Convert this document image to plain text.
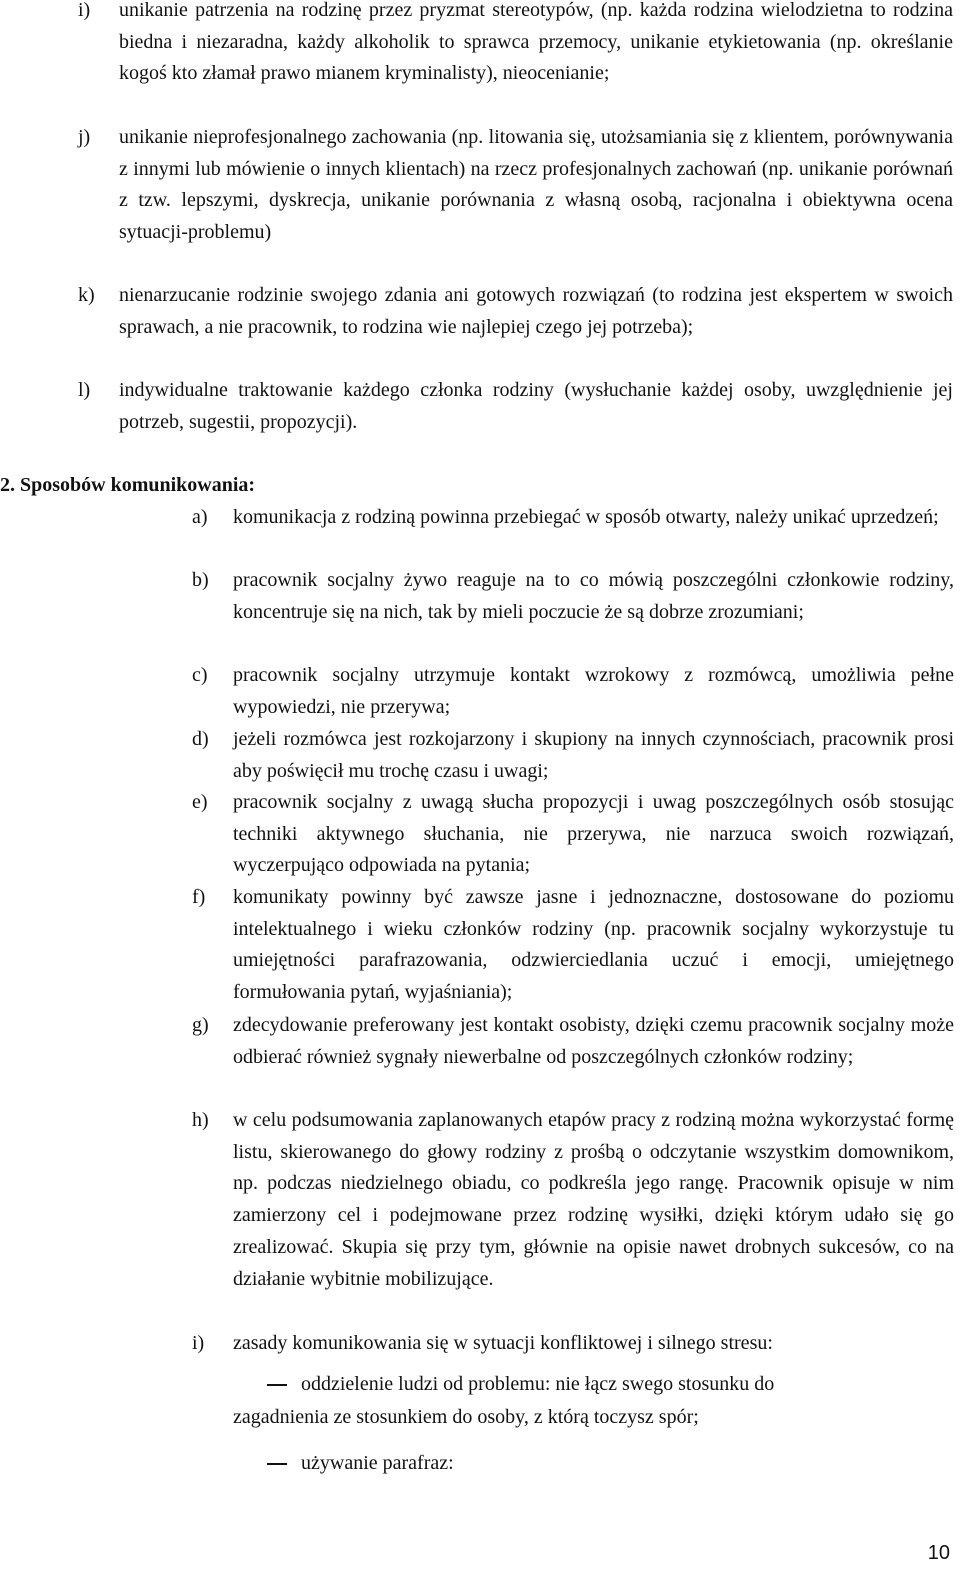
i) unikanie patrzenia na rodzinę przez pryzmat stereotypów, (np. każda rodzina wielodzietna to rodzina biedna i niezaradna, każdy alkoholik to sprawca przemocy, unikanie etykietowania (np. określanie kogoś kto złamał prawo mianem kryminalisty), nieocenianie;
j) unikanie nieprofesjonalnego zachowania (np. litowania się, utożsamiania się z klientem, porównywania z innymi lub mówienie o innych klientach) na rzecz profesjonalnych zachowań (np. unikanie porównań z tzw. lepszymi, dyskrecja, unikanie porównania z własną osobą, racjonalna i obiektywna ocena sytuacji-problemu)
k) nienarzucanie rodzinie swojego zdania ani gotowych rozwiązań (to rodzina jest ekspertem w swoich sprawach, a nie pracownik, to rodzina wie najlepiej czego jej potrzeba);
l) indywidualne traktowanie każdego członka rodziny (wysłuchanie każdej osoby, uwzględnienie jej potrzeb, sugestii, propozycji).
2. Sposobów komunikowania:
a) komunikacja z rodziną powinna przebiegać w sposób otwarty, należy unikać uprzedzeń;
b) pracownik socjalny żywo reaguje na to co mówią poszczególni członkowie rodziny, koncentruje się na nich, tak by mieli poczucie że są dobrze zrozumiani;
c) pracownik socjalny utrzymuje kontakt wzrokowy z rozmówcą, umożliwia pełne wypowiedzi, nie przerywa;
d) jeżeli rozmówca jest rozkojarzony i skupiony na innych czynnościach, pracownik prosi aby poświęcił mu trochę czasu i uwagi;
e) pracownik socjalny z uwagą słucha propozycji i uwag poszczególnych osób stosując techniki aktywnego słuchania, nie przerywa, nie narzuca swoich rozwiązań, wyczerpująco odpowiada na pytania;
f) komunikaty powinny być zawsze jasne i jednoznaczne, dostosowane do poziomu intelektualnego i wieku członków rodziny (np. pracownik socjalny wykorzystuje tu umiejętności parafrazowania, odzwierciedlania uczuć i emocji, umiejętnego formułowania pytań, wyjaśniania);
g) zdecydowanie preferowany jest kontakt osobisty, dzięki czemu pracownik socjalny może odbierać również sygnały niewerbalne od poszczególnych członków rodziny;
h) w celu podsumowania zaplanowanych etapów pracy z rodziną można wykorzystać formę listu, skierowanego do głowy rodziny z prośbą o odczytanie wszystkim domownikom, np. podczas niedzielnego obiadu, co podkreśla jego rangę. Pracownik opisuje w nim zamierzony cel i podejmowane przez rodzinę wysiłki, dzięki którym udało się go zrealizować. Skupia się przy tym, głównie na opisie nawet drobnych sukcesów, co na działanie wybitnie mobilizujące.
i) zasady komunikowania się w sytuacji konfliktowej i silnego stresu:
oddzielenie ludzi od problemu: nie łącz swego stosunku do
zagadnienia ze stosunkiem do osoby, z którą toczysz spór;
używanie parafraz:
10
